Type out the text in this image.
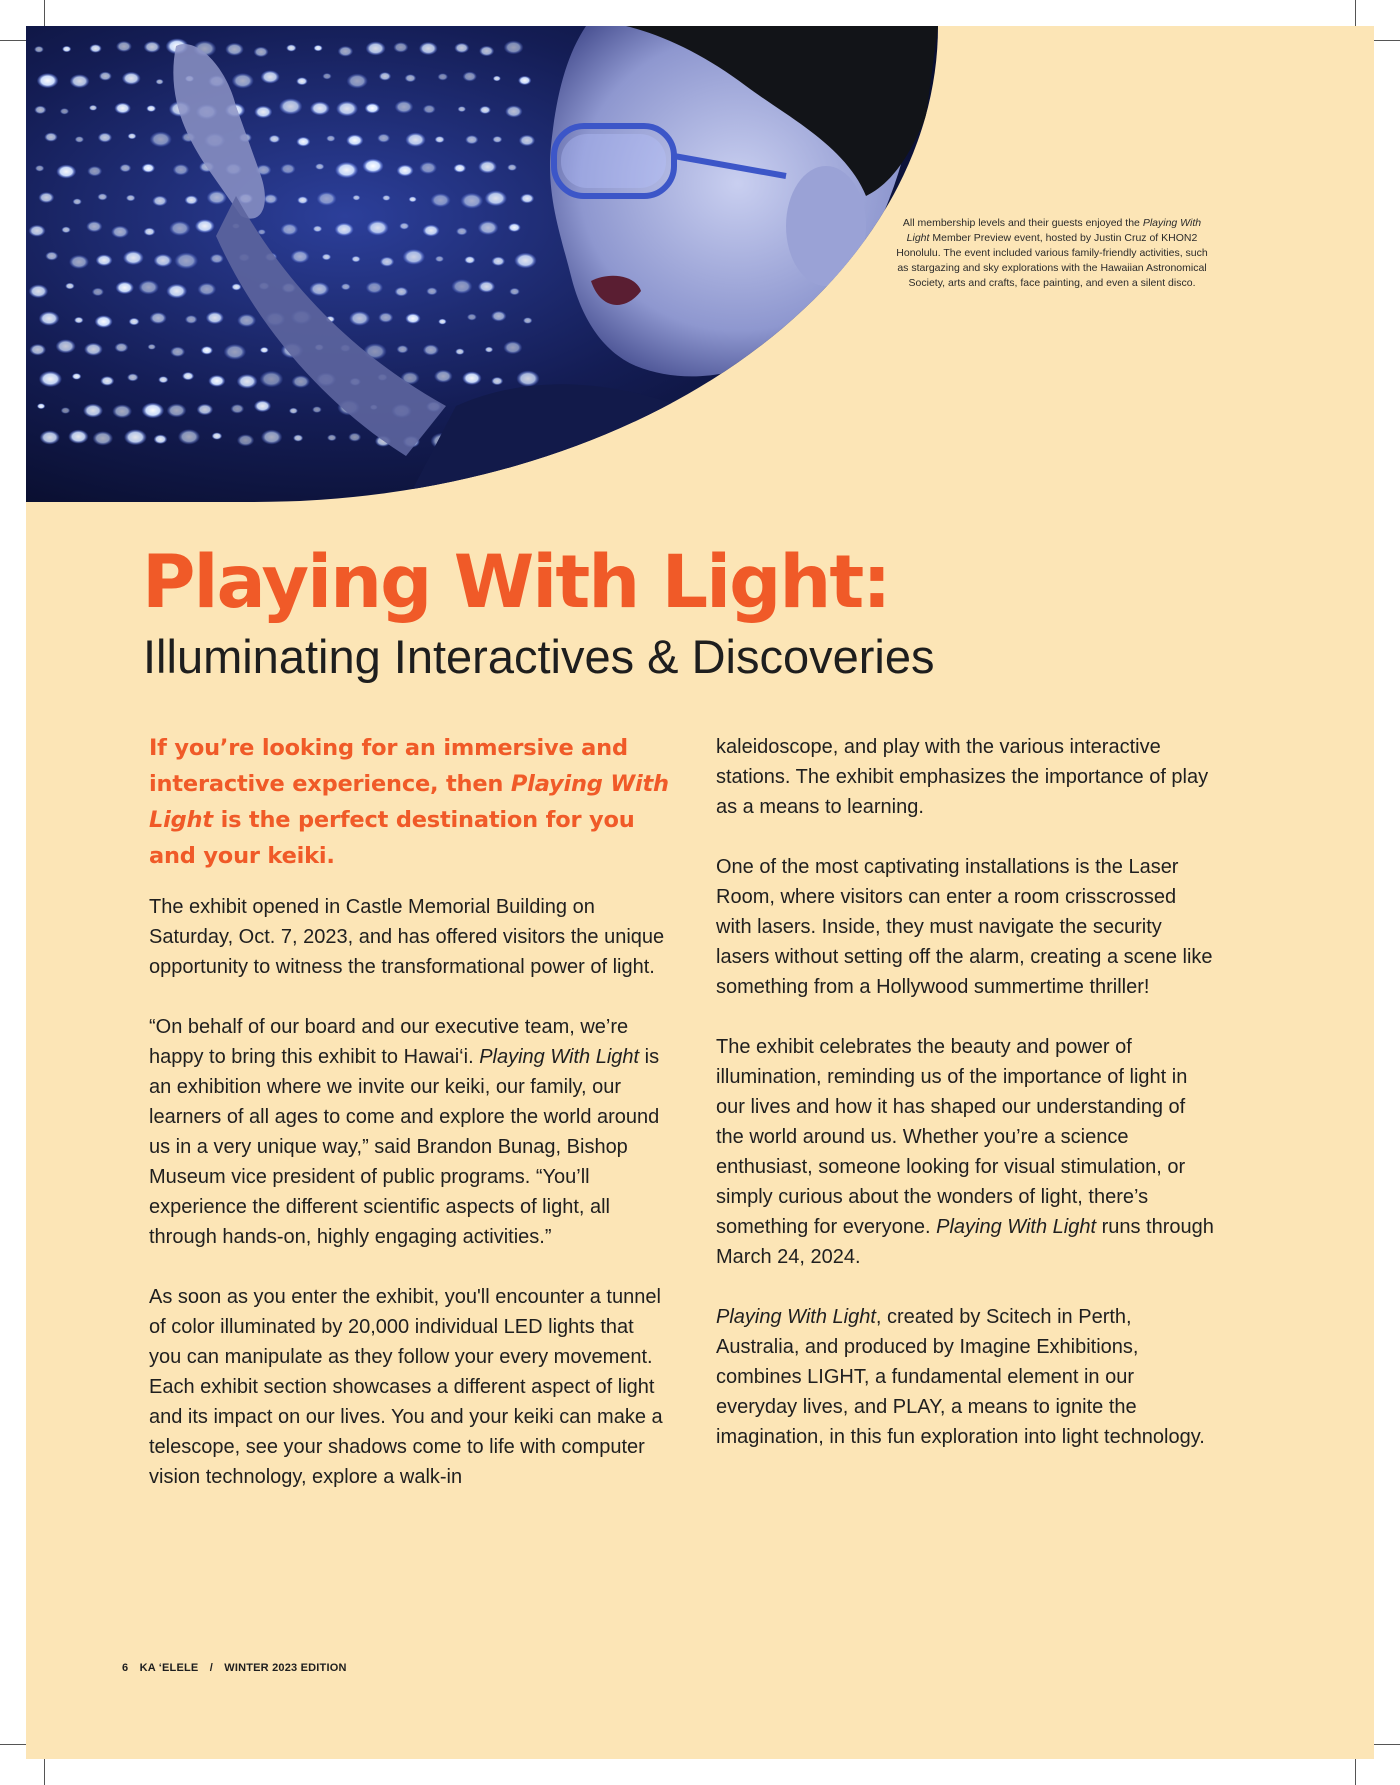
All membership levels and their guests enjoyed the Playing With Light Member Preview event, hosted by Justin Cruz of KHON2 Honolulu. The event included various family-friendly activities, such as stargazing and sky explorations with the Hawaiian Astronomical Society, arts and crafts, face painting, and even a silent disco.
Playing With Light:
Illuminating Interactives & Discoveries

If you’re looking for an immersive and interactive experience, then Playing With Light is the perfect destination for you and your keiki.

The exhibit opened in Castle Memorial Building on Saturday, Oct. 7, 2023, and has offered visitors the unique opportunity to witness the transformational power of light.

“On behalf of our board and our executive team, we’re happy to bring this exhibit to Hawai‘i. Playing With Light is an exhibition where we invite our keiki, our family, our learners of all ages to come and explore the world around us in a very unique way,” said Brandon Bunag, Bishop Museum vice president of public programs. “You’ll experience the different scientific aspects of light, all through hands-on, highly engaging activities.”

As soon as you enter the exhibit, you'll encounter a tunnel of color illuminated by 20,000 individual LED lights that you can manipulate as they follow your every movement. Each exhibit section showcases a different aspect of light and its impact on our lives. You and your keiki can make a telescope, see your shadows come to life with computer vision technology, explore a walk-in

kaleidoscope, and play with the various interactive stations. The exhibit emphasizes the importance of play as a means to learning.

One of the most captivating installations is the Laser Room, where visitors can enter a room crisscrossed with lasers. Inside, they must navigate the security lasers without setting off the alarm, creating a scene like something from a Hollywood summertime thriller!

The exhibit celebrates the beauty and power of illumination, reminding us of the importance of light in our lives and how it has shaped our understanding of the world around us. Whether you’re a science enthusiast, someone looking for visual stimulation, or simply curious about the wonders of light, there’s something for everyone. Playing With Light runs through March 24, 2024.

Playing With Light, created by Scitech in Perth, Australia, and produced by Imagine Exhibitions, combines LIGHT, a fundamental element in our everyday lives, and PLAY, a means to ignite the imagination, in this fun exploration into light technology.

6 KA ‘ELELE / WINTER 2023 EDITION
